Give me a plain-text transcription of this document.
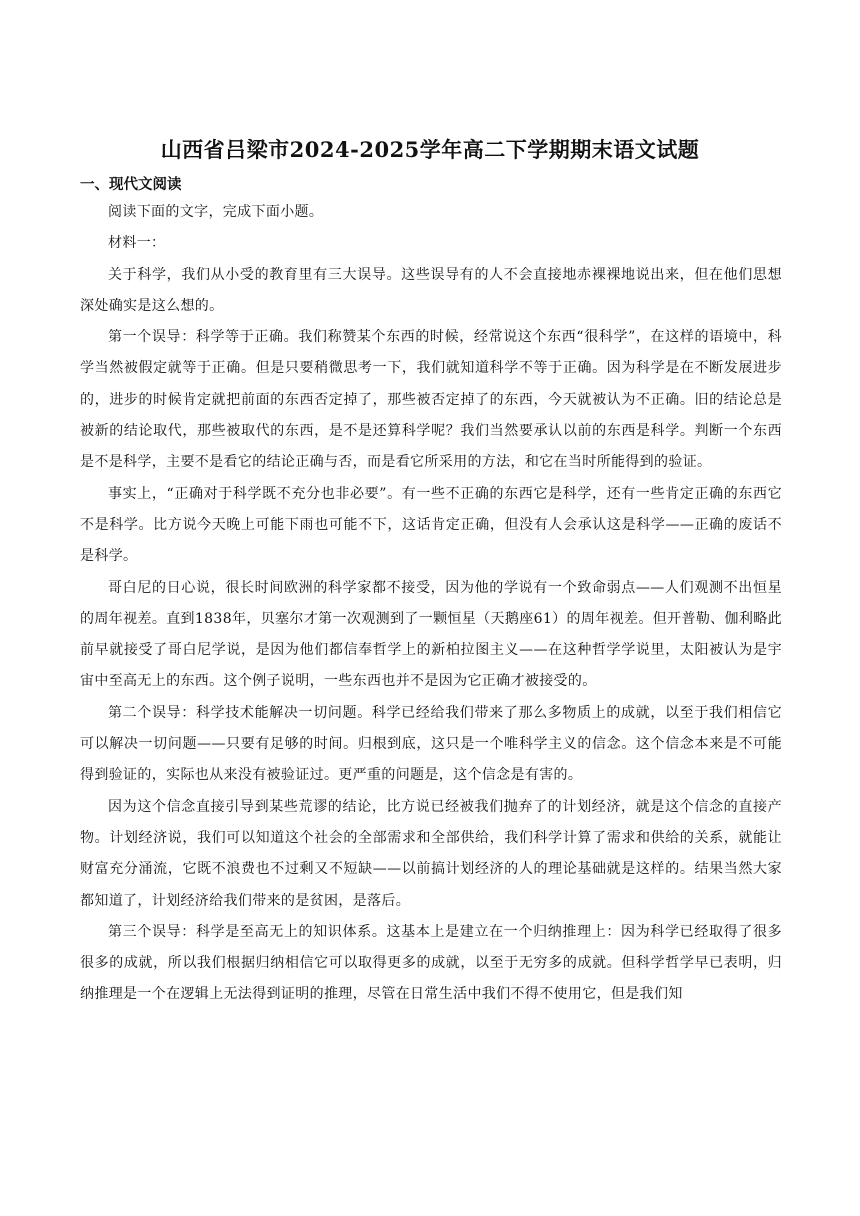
山西省吕梁市2024-2025学年高二下学期期末语文试题
一、现代文阅读

阅读下面的文字，完成下面小题。

材料一：

关于科学，我们从小受的教育里有三大误导。这些误导有的人不会直接地赤裸裸地说出来，但在他们思想深处确实是这么想的。

第一个误导：科学等于正确。我们称赞某个东西的时候，经常说这个东西“很科学”，在这样的语境中，科学当然被假定就等于正确。但是只要稍微思考一下，我们就知道科学不等于正确。因为科学是在不断发展进步的，进步的时候肯定就把前面的东西否定掉了，那些被否定掉了的东西，今天就被认为不正确。旧的结论总是被新的结论取代，那些被取代的东西，是不是还算科学呢？我们当然要承认以前的东西是科学。判断一个东西是不是科学，主要不是看它的结论正确与否，而是看它所采用的方法，和它在当时所能得到的验证。

事实上，“正确对于科学既不充分也非必要”。有一些不正确的东西它是科学，还有一些肯定正确的东西它不是科学。比方说今天晚上可能下雨也可能不下，这话肯定正确，但没有人会承认这是科学——正确的废话不是科学。

哥白尼的日心说，很长时间欧洲的科学家都不接受，因为他的学说有一个致命弱点——人们观测不出恒星的周年视差。直到1838年，贝塞尔才第一次观测到了一颗恒星（天鹅座61）的周年视差。但开普勒、伽利略此前早就接受了哥白尼学说，是因为他们都信奉哲学上的新柏拉图主义——在这种哲学学说里，太阳被认为是宇宙中至高无上的东西。这个例子说明，一些东西也并不是因为它正确才被接受的。

第二个误导：科学技术能解决一切问题。科学已经给我们带来了那么多物质上的成就，以至于我们相信它可以解决一切问题——只要有足够的时间。归根到底，这只是一个唯科学主义的信念。这个信念本来是不可能得到验证的，实际也从来没有被验证过。更严重的问题是，这个信念是有害的。

因为这个信念直接引导到某些荒谬的结论，比方说已经被我们抛弃了的计划经济，就是这个信念的直接产物。计划经济说，我们可以知道这个社会的全部需求和全部供给，我们科学计算了需求和供给的关系，就能让财富充分涌流，它既不浪费也不过剩又不短缺——以前搞计划经济的人的理论基础就是这样的。结果当然大家都知道了，计划经济给我们带来的是贫困，是落后。

第三个误导：科学是至高无上的知识体系。这基本上是建立在一个归纳推理上：因为科学已经取得了很多很多的成就，所以我们根据归纳相信它可以取得更多的成就，以至于无穷多的成就。但科学哲学早已表明，归纳推理是一个在逻辑上无法得到证明的推理，尽管在日常生活中我们不得不使用它，但是我们知
